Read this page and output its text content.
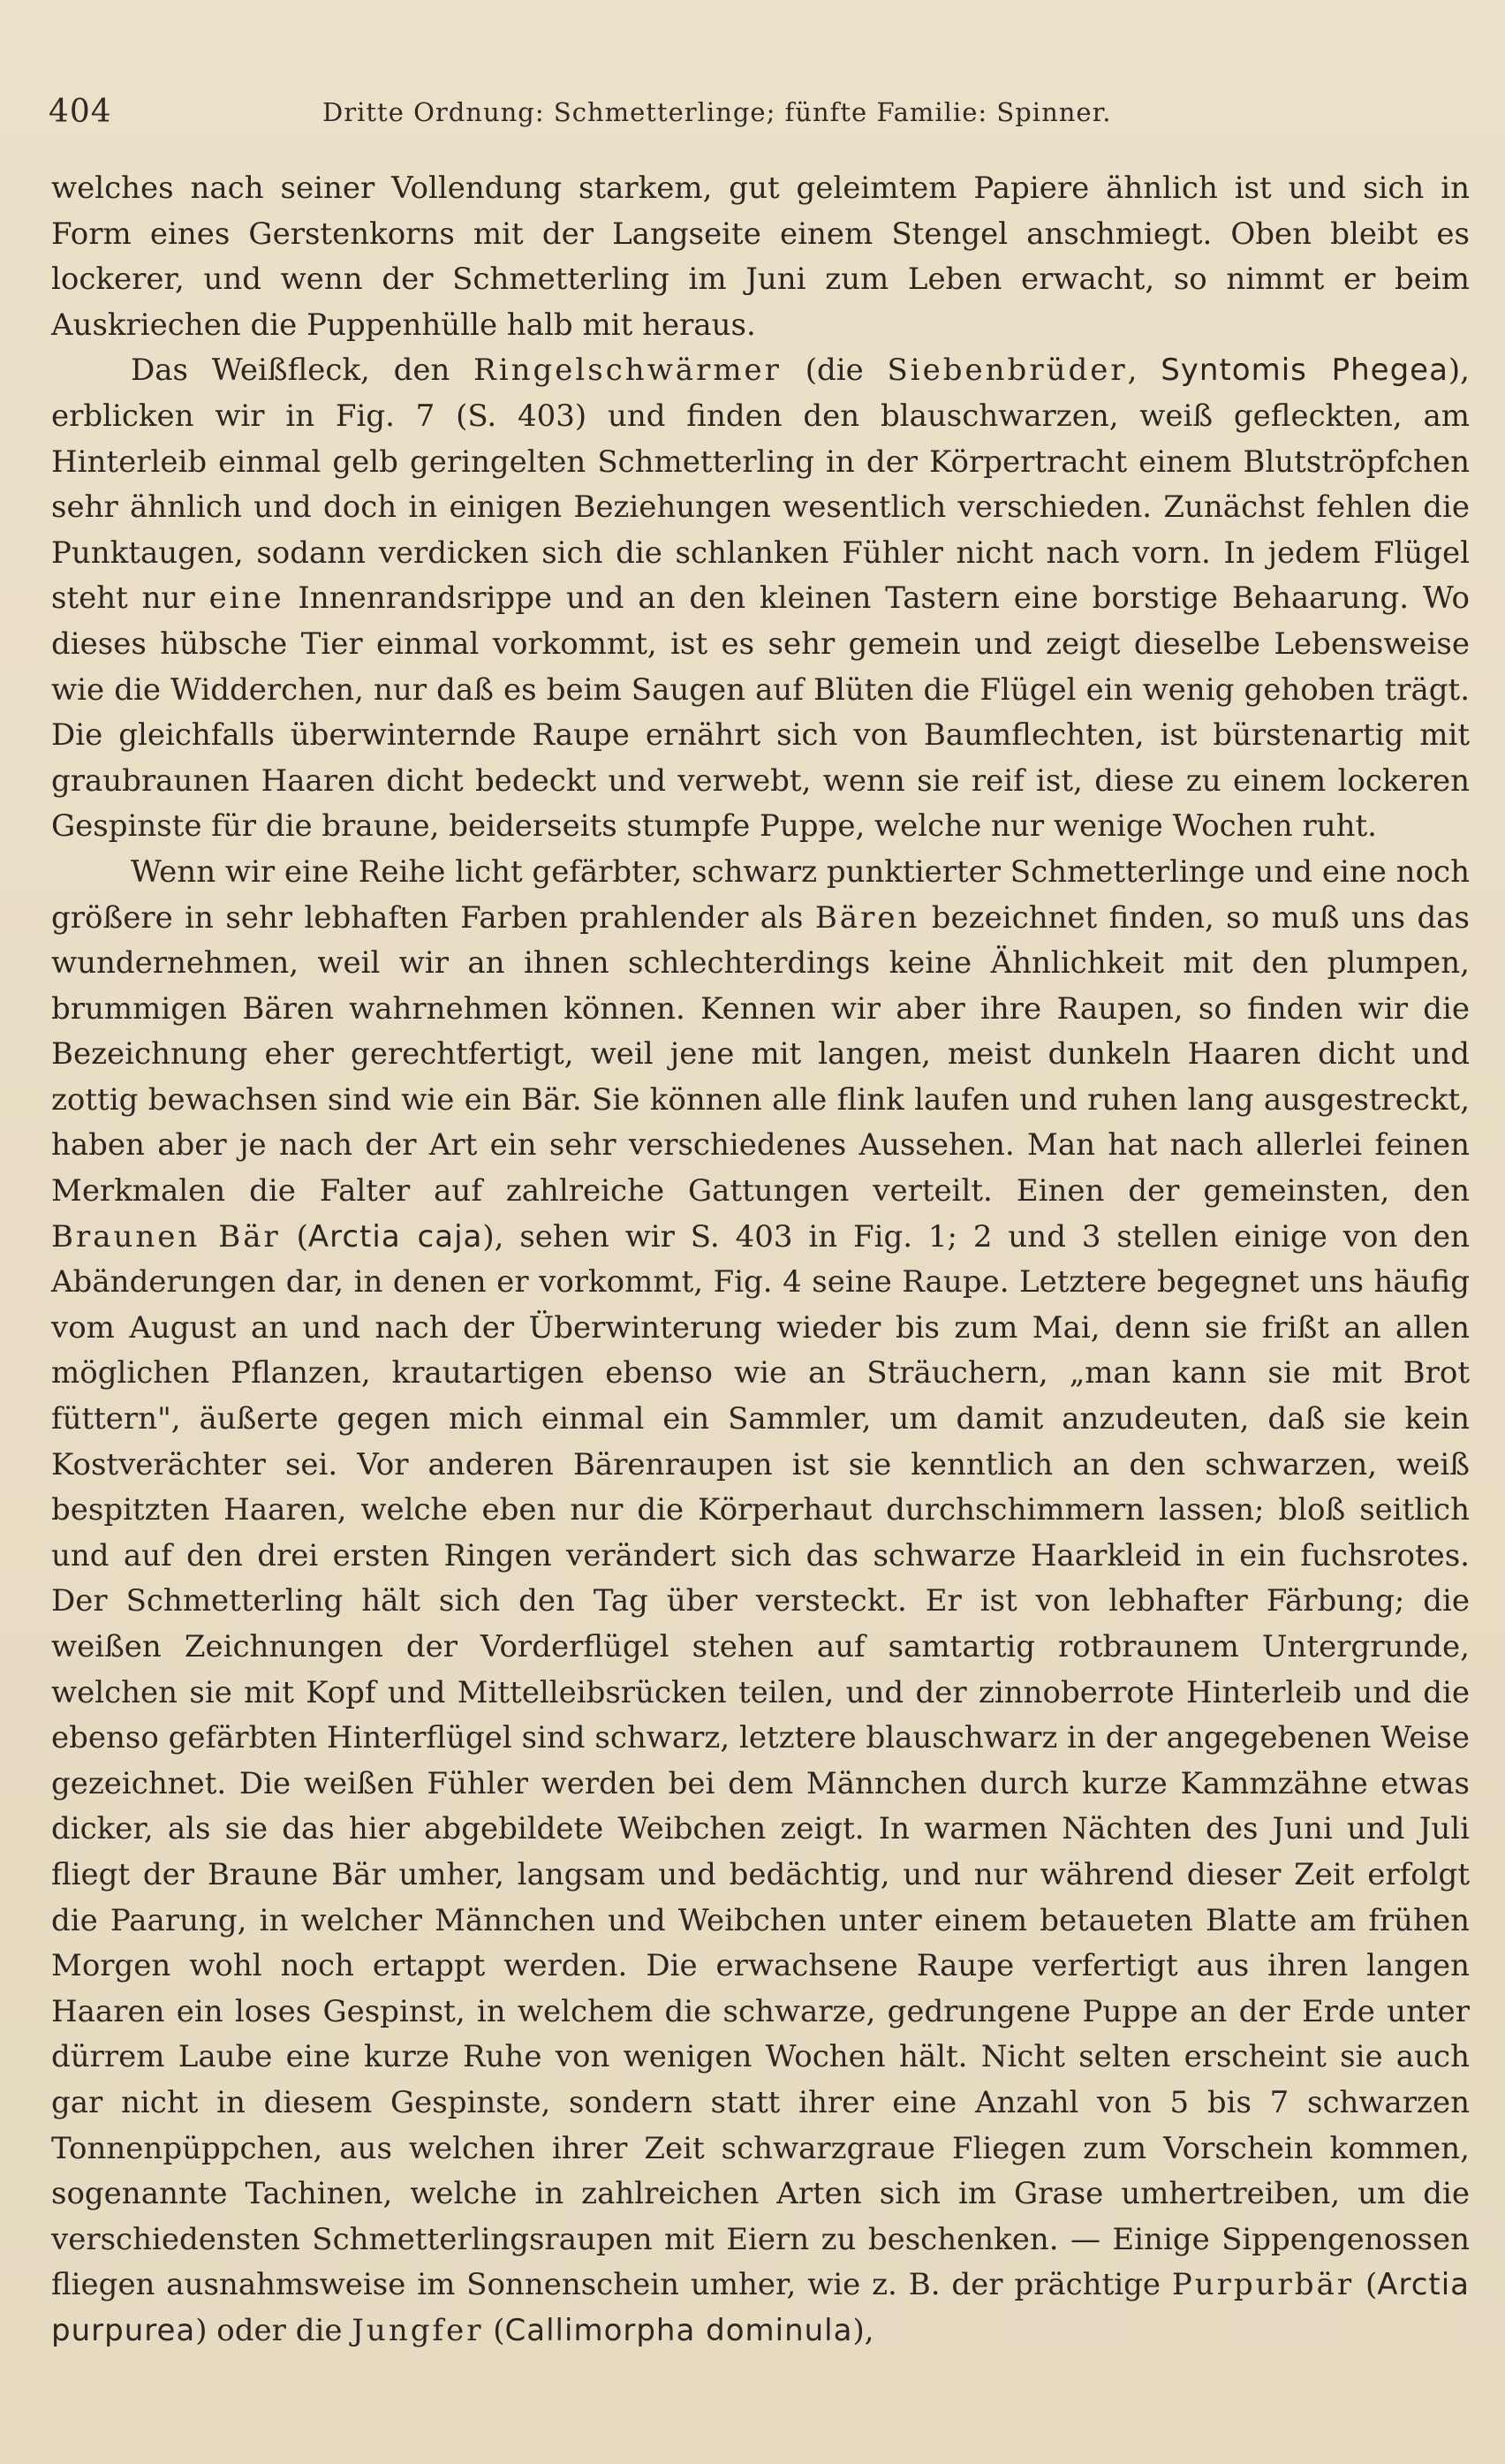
404	Dritte Ordnung: Schmetterlinge; fünfte Familie: Spinner.

welches nach seiner Vollendung starkem, gut geleimtem Papiere ähnlich ist und sich in Form eines Gerstenkorns mit der Langseite einem Stengel anschmiegt. Oben bleibt es lockerer, und wenn der Schmetterling im Juni zum Leben erwacht, so nimmt er beim Auskriechen die Puppenhülle halb mit heraus.

Das Weißfleck, den Ringelschwärmer (die Siebenbrüder, Syntomis Phegea), erblicken wir in Fig. 7 (S. 403) und finden den blauschwarzen, weiß gefleckten, am Hinterleib einmal gelb geringelten Schmetterling in der Körpertracht einem Blutströpfchen sehr ähnlich und doch in einigen Beziehungen wesentlich verschieden. Zunächst fehlen die Punktaugen, sodann verdicken sich die schlanken Fühler nicht nach vorn. In jedem Flügel steht nur eine Innenrandsrippe und an den kleinen Tastern eine borstige Behaarung. Wo dieses hübsche Tier einmal vorkommt, ist es sehr gemein und zeigt dieselbe Lebensweise wie die Widderchen, nur daß es beim Saugen auf Blüten die Flügel ein wenig gehoben trägt. Die gleichfalls überwinternde Raupe ernährt sich von Baumflechten, ist bürstenartig mit graubraunen Haaren dicht bedeckt und verwebt, wenn sie reif ist, diese zu einem lockeren Gespinste für die braune, beiderseits stumpfe Puppe, welche nur wenige Wochen ruht.

Wenn wir eine Reihe licht gefärbter, schwarz punktierter Schmetterlinge und eine noch größere in sehr lebhaften Farben prahlender als Bären bezeichnet finden, so muß uns das wundernehmen, weil wir an ihnen schlechterdings keine Ähnlichkeit mit den plumpen, brummigen Bären wahrnehmen können. Kennen wir aber ihre Raupen, so finden wir die Bezeichnung eher gerechtfertigt, weil jene mit langen, meist dunkeln Haaren dicht und zottig bewachsen sind wie ein Bär. Sie können alle flink laufen und ruhen lang ausgestreckt, haben aber je nach der Art ein sehr verschiedenes Aussehen. Man hat nach allerlei feinen Merkmalen die Falter auf zahlreiche Gattungen verteilt. Einen der gemeinsten, den Braunen Bär (Arctia caja), sehen wir S. 403 in Fig. 1; 2 und 3 stellen einige von den Abänderungen dar, in denen er vorkommt, Fig. 4 seine Raupe. Letztere begegnet uns häufig vom August an und nach der Überwinterung wieder bis zum Mai, denn sie frißt an allen möglichen Pflanzen, krautartigen ebenso wie an Sträuchern, „man kann sie mit Brot füttern", äußerte gegen mich einmal ein Sammler, um damit anzudeuten, daß sie kein Kostverächter sei. Vor anderen Bärenraupen ist sie kenntlich an den schwarzen, weiß bespitzten Haaren, welche eben nur die Körperhaut durchschimmern lassen; bloß seitlich und auf den drei ersten Ringen verändert sich das schwarze Haarkleid in ein fuchsrotes. Der Schmetterling hält sich den Tag über versteckt. Er ist von lebhafter Färbung; die weißen Zeichnungen der Vorderflügel stehen auf samtartig rotbraunem Untergrunde, welchen sie mit Kopf und Mittelleibsrücken teilen, und der zinnoberrote Hinterleib und die ebenso gefärbten Hinterflügel sind schwarz, letztere blauschwarz in der angegebenen Weise gezeichnet. Die weißen Fühler werden bei dem Männchen durch kurze Kammzähne etwas dicker, als sie das hier abgebildete Weibchen zeigt. In warmen Nächten des Juni und Juli fliegt der Braune Bär umher, langsam und bedächtig, und nur während dieser Zeit erfolgt die Paarung, in welcher Männchen und Weibchen unter einem betaueten Blatte am frühen Morgen wohl noch ertappt werden. Die erwachsene Raupe verfertigt aus ihren langen Haaren ein loses Gespinst, in welchem die schwarze, gedrungene Puppe an der Erde unter dürrem Laube eine kurze Ruhe von wenigen Wochen hält. Nicht selten erscheint sie auch gar nicht in diesem Gespinste, sondern statt ihrer eine Anzahl von 5 bis 7 schwarzen Tonnenpüppchen, aus welchen ihrer Zeit schwarzgraue Fliegen zum Vorschein kommen, sogenannte Tachinen, welche in zahlreichen Arten sich im Grase umhertreiben, um die verschiedensten Schmetterlingsraupen mit Eiern zu beschenken. — Einige Sippengenossen fliegen ausnahmsweise im Sonnenschein umher, wie z. B. der prächtige Purpurbär (Arctia purpurea) oder die Jungfer (Callimorpha dominula),
